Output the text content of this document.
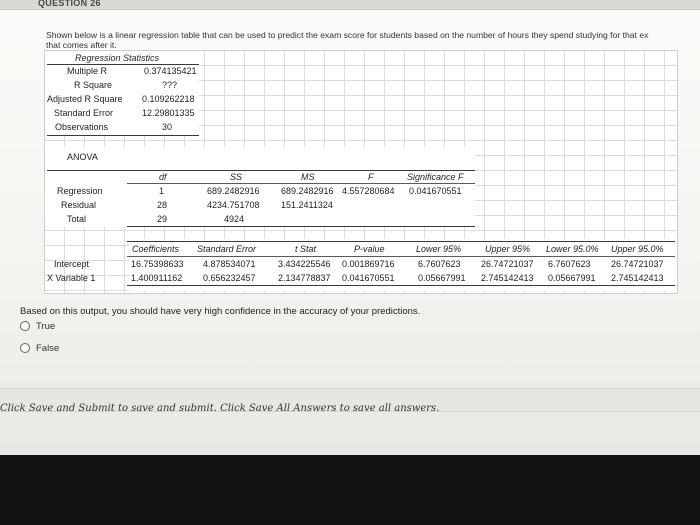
QUESTION 26
Shown below is a linear regression table that can be used to predict the exam score for students based on the number of hours they spend studying for that ex
that comes after it.
Regression Statistics
Multiple R	0.374135421
R Square	???
Adjusted R Square 0.109262218
Standard Error	12.29801335
Observations	30
ANOVA
df	SS	MS	F	Significance F
Regression	1	689.2482916 689.2482916 4.557280684 0.041670551
Residual	28	4234.751708 151.2411324
Total	29	4924
Coefficients Standard Error	t Stat	P-value	Lower 95%	Upper 95% Lower 95.0% Upper 95.0%
Intercept	16.75398633 4.878534071 3.434225546 0.001869716	6.7607623 26.74721037 6.7607623 26.74721037
X Variable 1	1.400911162 0.656232457 2.134778837 0.041670551	0.05667991 2.745142413 0.05667991 2.745142413
Based on this output, you should have very high confidence in the accuracy of your predictions.
True
False
Click Save and Submit to save and submit. Click Save All Answers to save all answers.
